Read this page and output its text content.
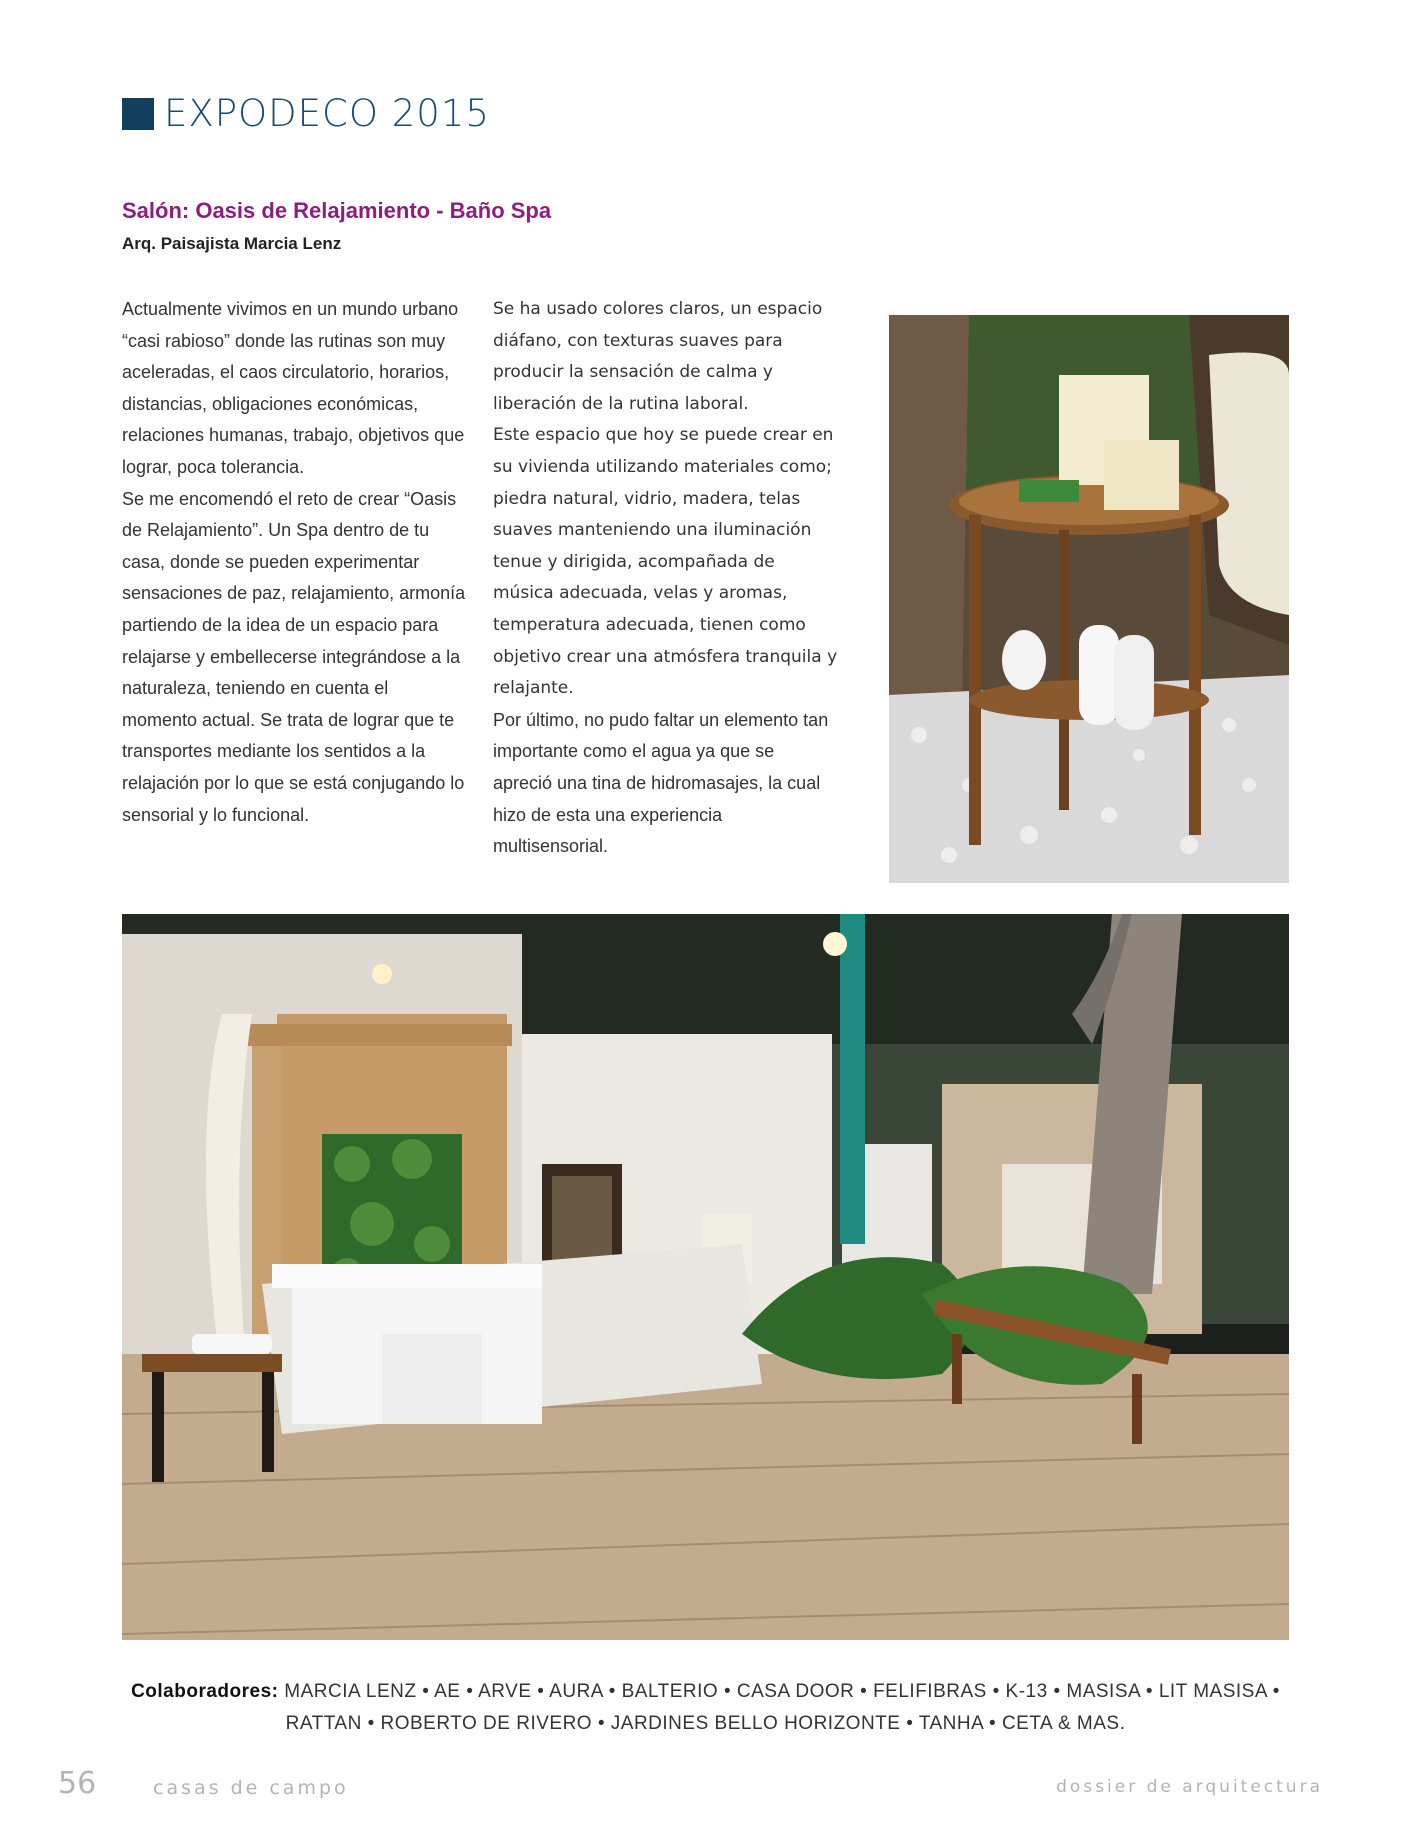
EXPODECO 2015
Salón: Oasis de Relajamiento - Baño Spa
Arq. Paisajista Marcia Lenz

Actualmente vivimos en un mundo urbano “casi rabioso” donde las rutinas son muy aceleradas, el caos circulatorio, horarios, distancias, obligaciones económicas, relaciones humanas, trabajo, objetivos que lograr, poca tolerancia.

Se me encomendó el reto de crear “Oasis de Relajamiento”. Un Spa dentro de tu casa, donde se pueden experimentar sensaciones de paz, relajamiento, armonía partiendo de la idea de un espacio para relajarse y embellecerse integrándose a la naturaleza, teniendo en cuenta el momento actual. Se trata de lograr que te transportes mediante los sentidos a la relajación por lo que se está conjugando lo sensorial y lo funcional.

Se ha usado colores claros, un espacio diáfano, con texturas suaves para producir la sensación de calma y liberación de la rutina laboral.

Este espacio que hoy se puede crear en su vivienda utilizando materiales como; piedra natural, vidrio, madera, telas suaves manteniendo una iluminación tenue y dirigida, acompañada de música adecuada, velas y aromas, temperatura adecuada, tienen como objetivo crear una atmósfera tranquila y relajante.

Por último, no pudo faltar un elemento tan importante como el agua ya que se apreció una tina de hidromasajes, la cual hizo de esta una experiencia multisensorial.

Colaboradores: MARCIA LENZ • AE • ARVE • AURA • BALTERIO • CASA DOOR • FELIFIBRAS • K-13 • MASISA • LIT MASISA • RATTAN • ROBERTO DE RIVERO • JARDINES BELLO HORIZONTE • TANHA • CETA & MAS.
56	casas de campo	dossier de arquitectura
